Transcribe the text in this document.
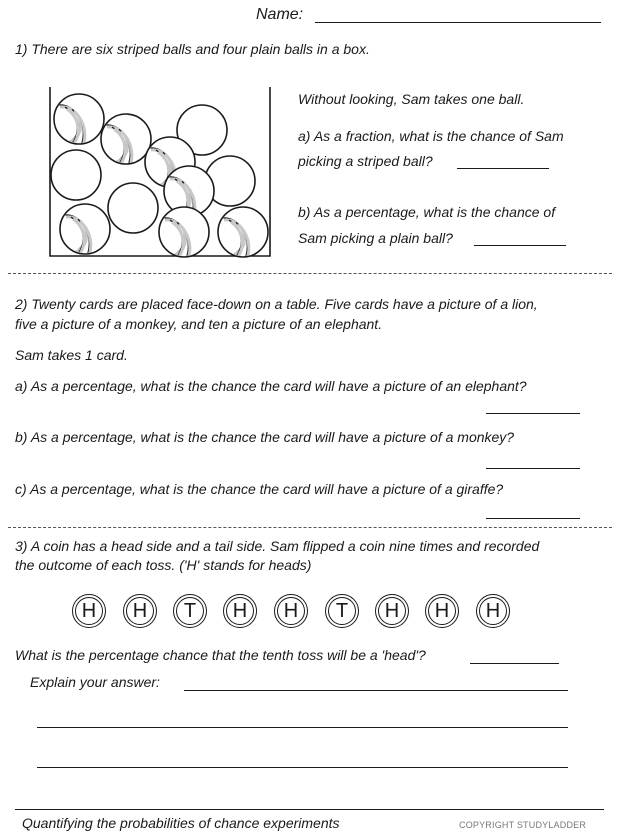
Name:
1) There are six striped balls and four plain balls in a box.
Without looking, Sam takes one ball.
a) As a fraction, what is the chance of Sam
picking a striped ball?
b) As a percentage, what is the chance of
Sam picking a plain ball?
2) Twenty cards are placed face-down on a table. Five cards have a picture of a lion,
five a picture of a monkey, and ten a picture of an elephant.
Sam takes 1 card.
a) As a percentage, what is the chance the card will have a picture of an elephant?
b) As a percentage, what is the chance the card will have a picture of a monkey?
c) As a percentage, what is the chance the card will have a picture of a giraffe?
3) A coin has a head side and a tail side. Sam flipped a coin nine times and recorded
the outcome of each toss. ('H' stands for heads)
H	H	T	H	H	T	H	H	H
What is the percentage chance that the tenth toss will be a 'head'?
Explain your answer:
Quantifying the probabilities of chance experiments	COPYRIGHT STUDYLADDER
